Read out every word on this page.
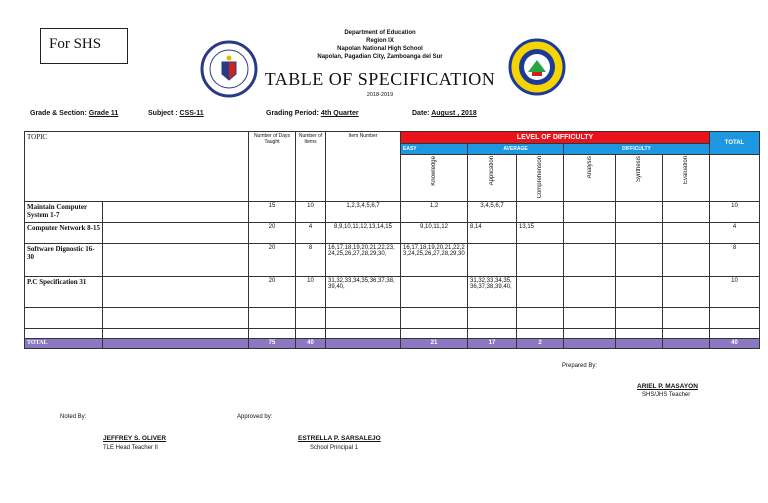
For SHS
Department of Education
Region IX
Napolan National High School
Napolan, Pagadian City, Zamboanga del Sur
TABLE OF SPECIFICATION
2018-2019
Grade & Section: Grade 11	Subject : CSS-11	Grading Period: 4th Quarter	Date: August , 2018
TOPIC		Number of Days Taught	Number of Items	Item Number	LEVEL OF DIFFICULTY						TOTAL
					EASY	AVERAGE		DIFFICULTY			
					Knowledge	Application	Comprehension	Analysis	Synthesis	Evaluation	
Maintain Computer System 1-7		15	10	1,2,3,4,5,6,7	1,2	3,4,5,6,7					10
Computer Network 8-15		20	4	8,9,10,11,12,13,14,15	9,10,11,12	8,14	13,15				4
Software Dignostic 16-30		20	8	16,17,18,19,20,21,22,23,24,25,26,27,28,29,30,	16,17,18,19,20,21,22,23,24,25,26,27,28,29,30						8
P.C Specification 31		20	10	31,32,33,34,35,36,37,38,39,40,		31,32,33,34,35,36,37,38,39,40,					10

TOTAL		75	40		21	17	2				40
Prepared By:
ARIEL P. MASAYON
SHS/JHS Teacher
Noted By:
JEFFREY S. OLIVER
TLE Head Teacher II
Approved by:
ESTRELLA P. SARSALEJO
School Principal 1
